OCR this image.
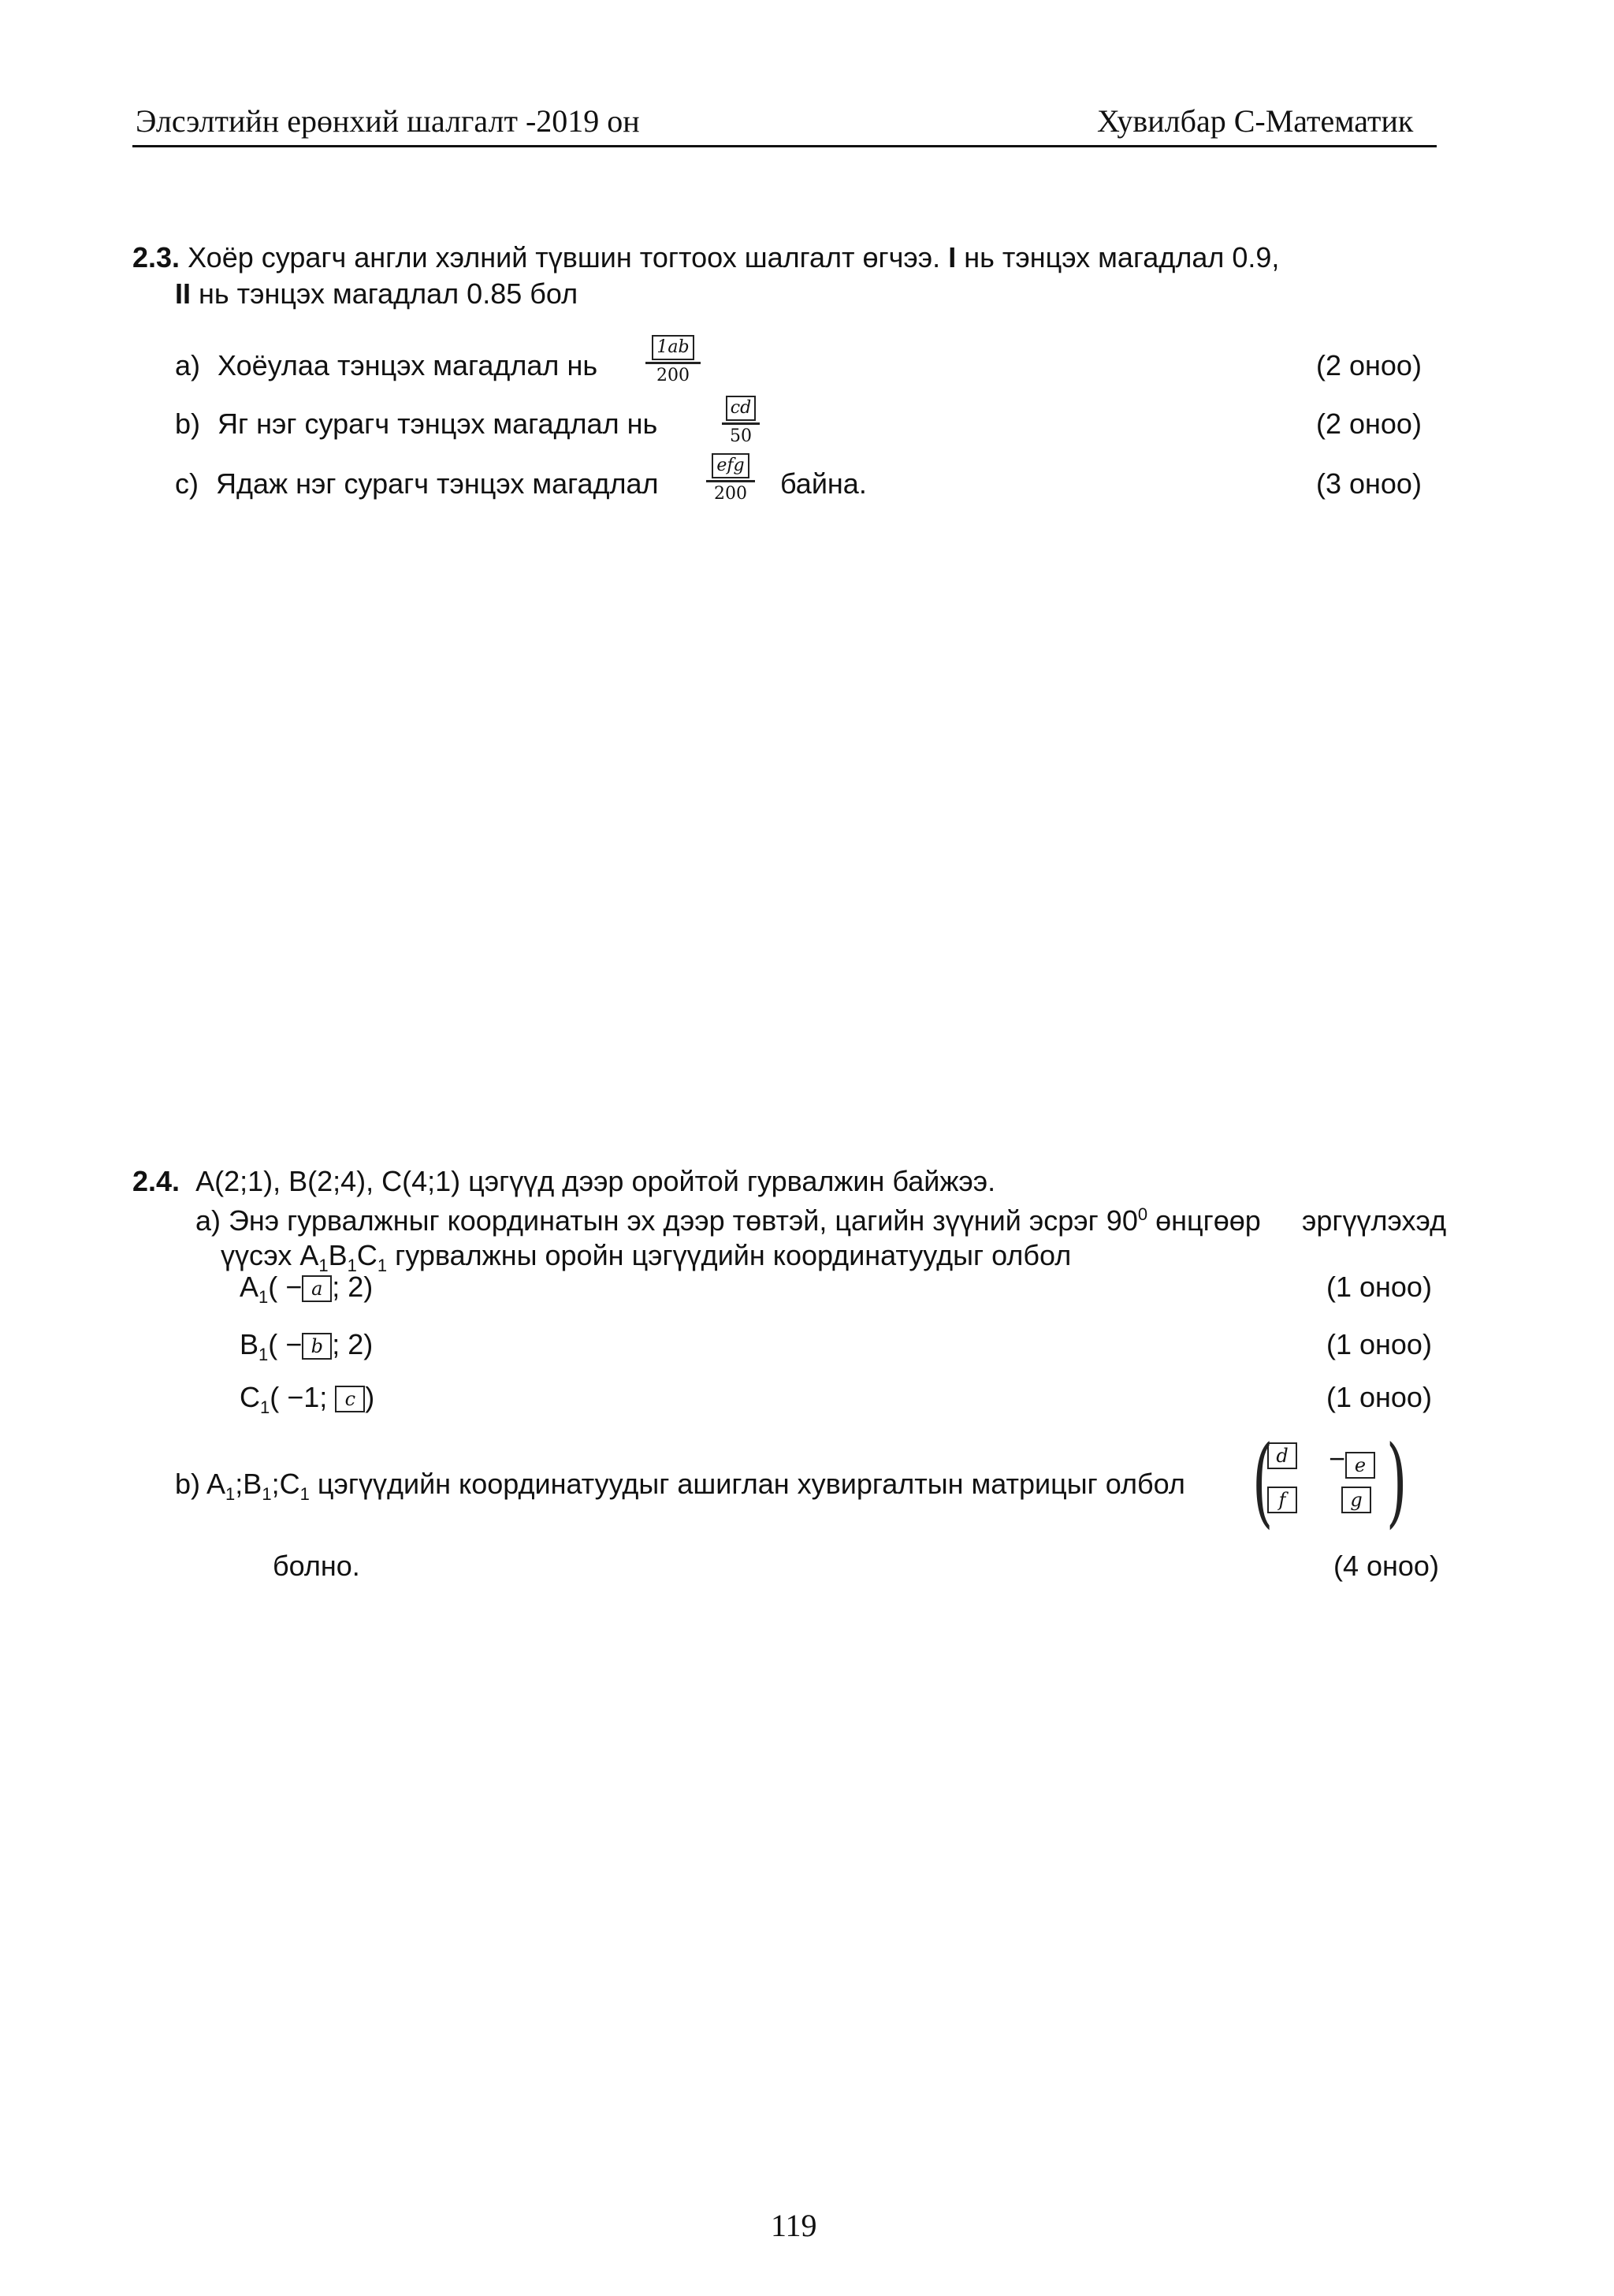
Элсэлтийн ерөнхий шалгалт -2019 он	Хувилбар C-Математик
2.3. Хоёр сурагч англи хэлний түвшин тогтоох шалгалт өгчээ. I нь тэнцэх магадлал 0.9,
II нь тэнцэх магадлал 0.85 бол
a) Хоёулаа тэнцэх магадлал нь $\frac{1ab}{200}$	(2 оноо)
b) Яг нэг сурагч тэнцэх магадлал нь	$\frac{cd}{50}$	(2 оноо)
c) Ядаж нэг сурагч тэнцэх магадлал
efg
200	байна.	(3 оноо)
2.4. A(2;1), B(2;4), C(4;1) цэгүүд дээр оройтой гурвалжин байжээ.
a) Энэ гурвалжныг координатын эх дээр төвтэй, цагийн зүүний эсрэг $90^0$ өнцгөөр эргүүлэхэд
үүсэх $A_1B_1C_1$ гурвалжны оройн цэгүүдийн координатуудыг олбол
$A_1( - a$ ; 2)	(1 оноо)
$B_1( - b$ ; 2)	(1 оноо)
$C_1( -1$; c )	(1 оноо)
b) $A_1;B_1;C_1$ цэгүүдийн координатуудыг ашиглан хувиргалтын матрицыг олбол ( d	− e
f	g )
болно.	(4 оноо)
119
